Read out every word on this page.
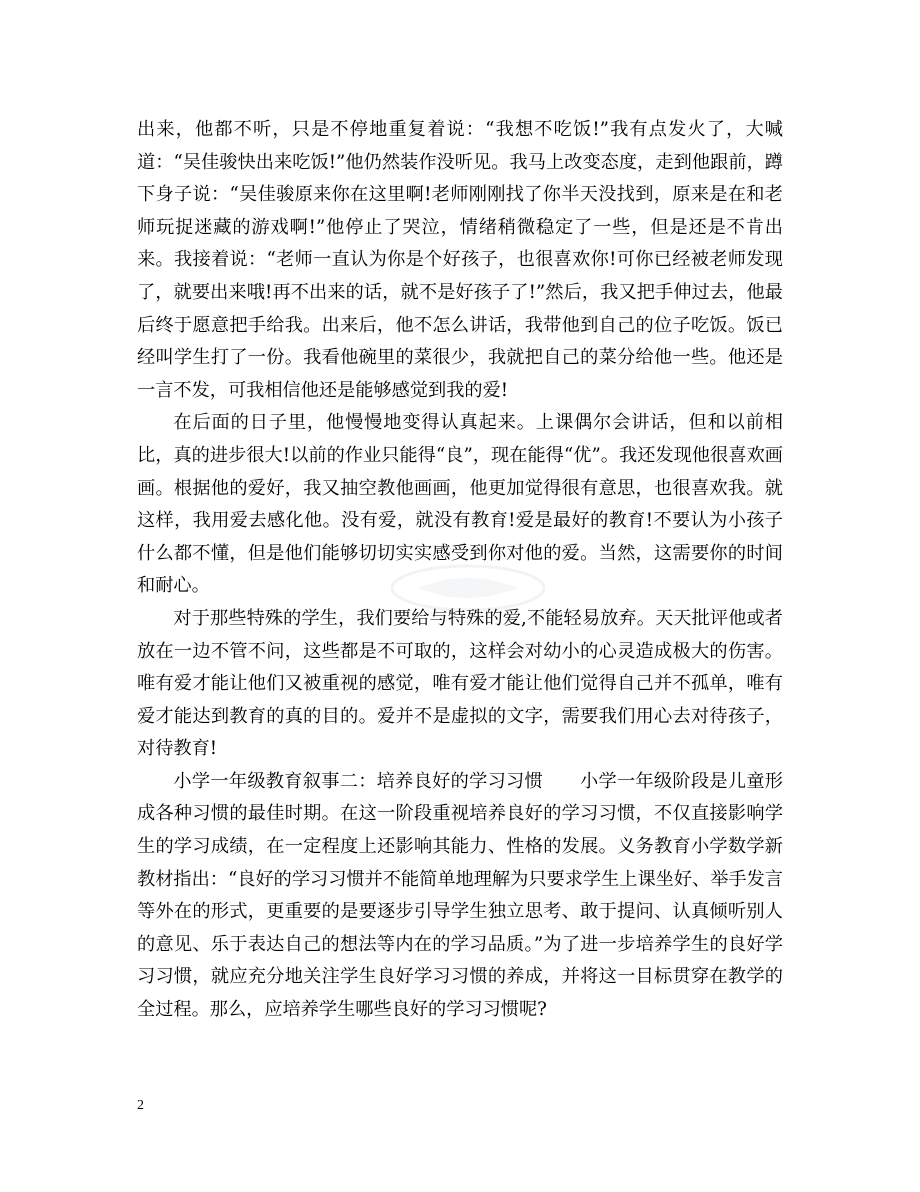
出来，他都不听，只是不停地重复着说：“我想不吃饭!”我有点发火了，大喊道：“吴佳骏快出来吃饭!”他仍然装作没听见。我马上改变态度，走到他跟前，蹲下身子说：“吴佳骏原来你在这里啊!老师刚刚找了你半天没找到，原来是在和老师玩捉迷藏的游戏啊!”他停止了哭泣，情绪稍微稳定了一些，但是还是不肯出来。我接着说：“老师一直认为你是个好孩子，也很喜欢你!可你已经被老师发现了，就要出来哦!再不出来的话，就不是好孩子了!”然后，我又把手伸过去，他最后终于愿意把手给我。出来后，他不怎么讲话，我带他到自己的位子吃饭。饭已经叫学生打了一份。我看他碗里的菜很少，我就把自己的菜分给他一些。他还是一言不发，可我相信他还是能够感觉到我的爱!

在后面的日子里，他慢慢地变得认真起来。上课偶尔会讲话，但和以前相比，真的进步很大!以前的作业只能得“良”，现在能得“优”。我还发现他很喜欢画画。根据他的爱好，我又抽空教他画画，他更加觉得很有意思，也很喜欢我。就这样，我用爱去感化他。没有爱，就没有教育!爱是最好的教育!不要认为小孩子什么都不懂，但是他们能够切切实实感受到你对他的爱。当然，这需要你的时间和耐心。

对于那些特殊的学生，我们要给与特殊的爱,不能轻易放弃。天天批评他或者放在一边不管不问，这些都是不可取的，这样会对幼小的心灵造成极大的伤害。唯有爱才能让他们又被重视的感觉，唯有爱才能让他们觉得自己并不孤单，唯有爱才能达到教育的真的目的。爱并不是虚拟的文字，需要我们用心去对待孩子，对待教育!

小学一年级教育叙事二：培养良好的学习习惯　　小学一年级阶段是儿童形成各种习惯的最佳时期。在这一阶段重视培养良好的学习习惯，不仅直接影响学生的学习成绩，在一定程度上还影响其能力、性格的发展。义务教育小学数学新教材指出：“良好的学习习惯并不能简单地理解为只要求学生上课坐好、举手发言等外在的形式，更重要的是要逐步引导学生独立思考、敢于提问、认真倾听别人的意见、乐于表达自己的想法等内在的学习品质。”为了进一步培养学生的良好学习习惯，就应充分地关注学生良好学习习惯的养成，并将这一目标贯穿在教学的全过程。那么，应培养学生哪些良好的学习习惯呢?

2
